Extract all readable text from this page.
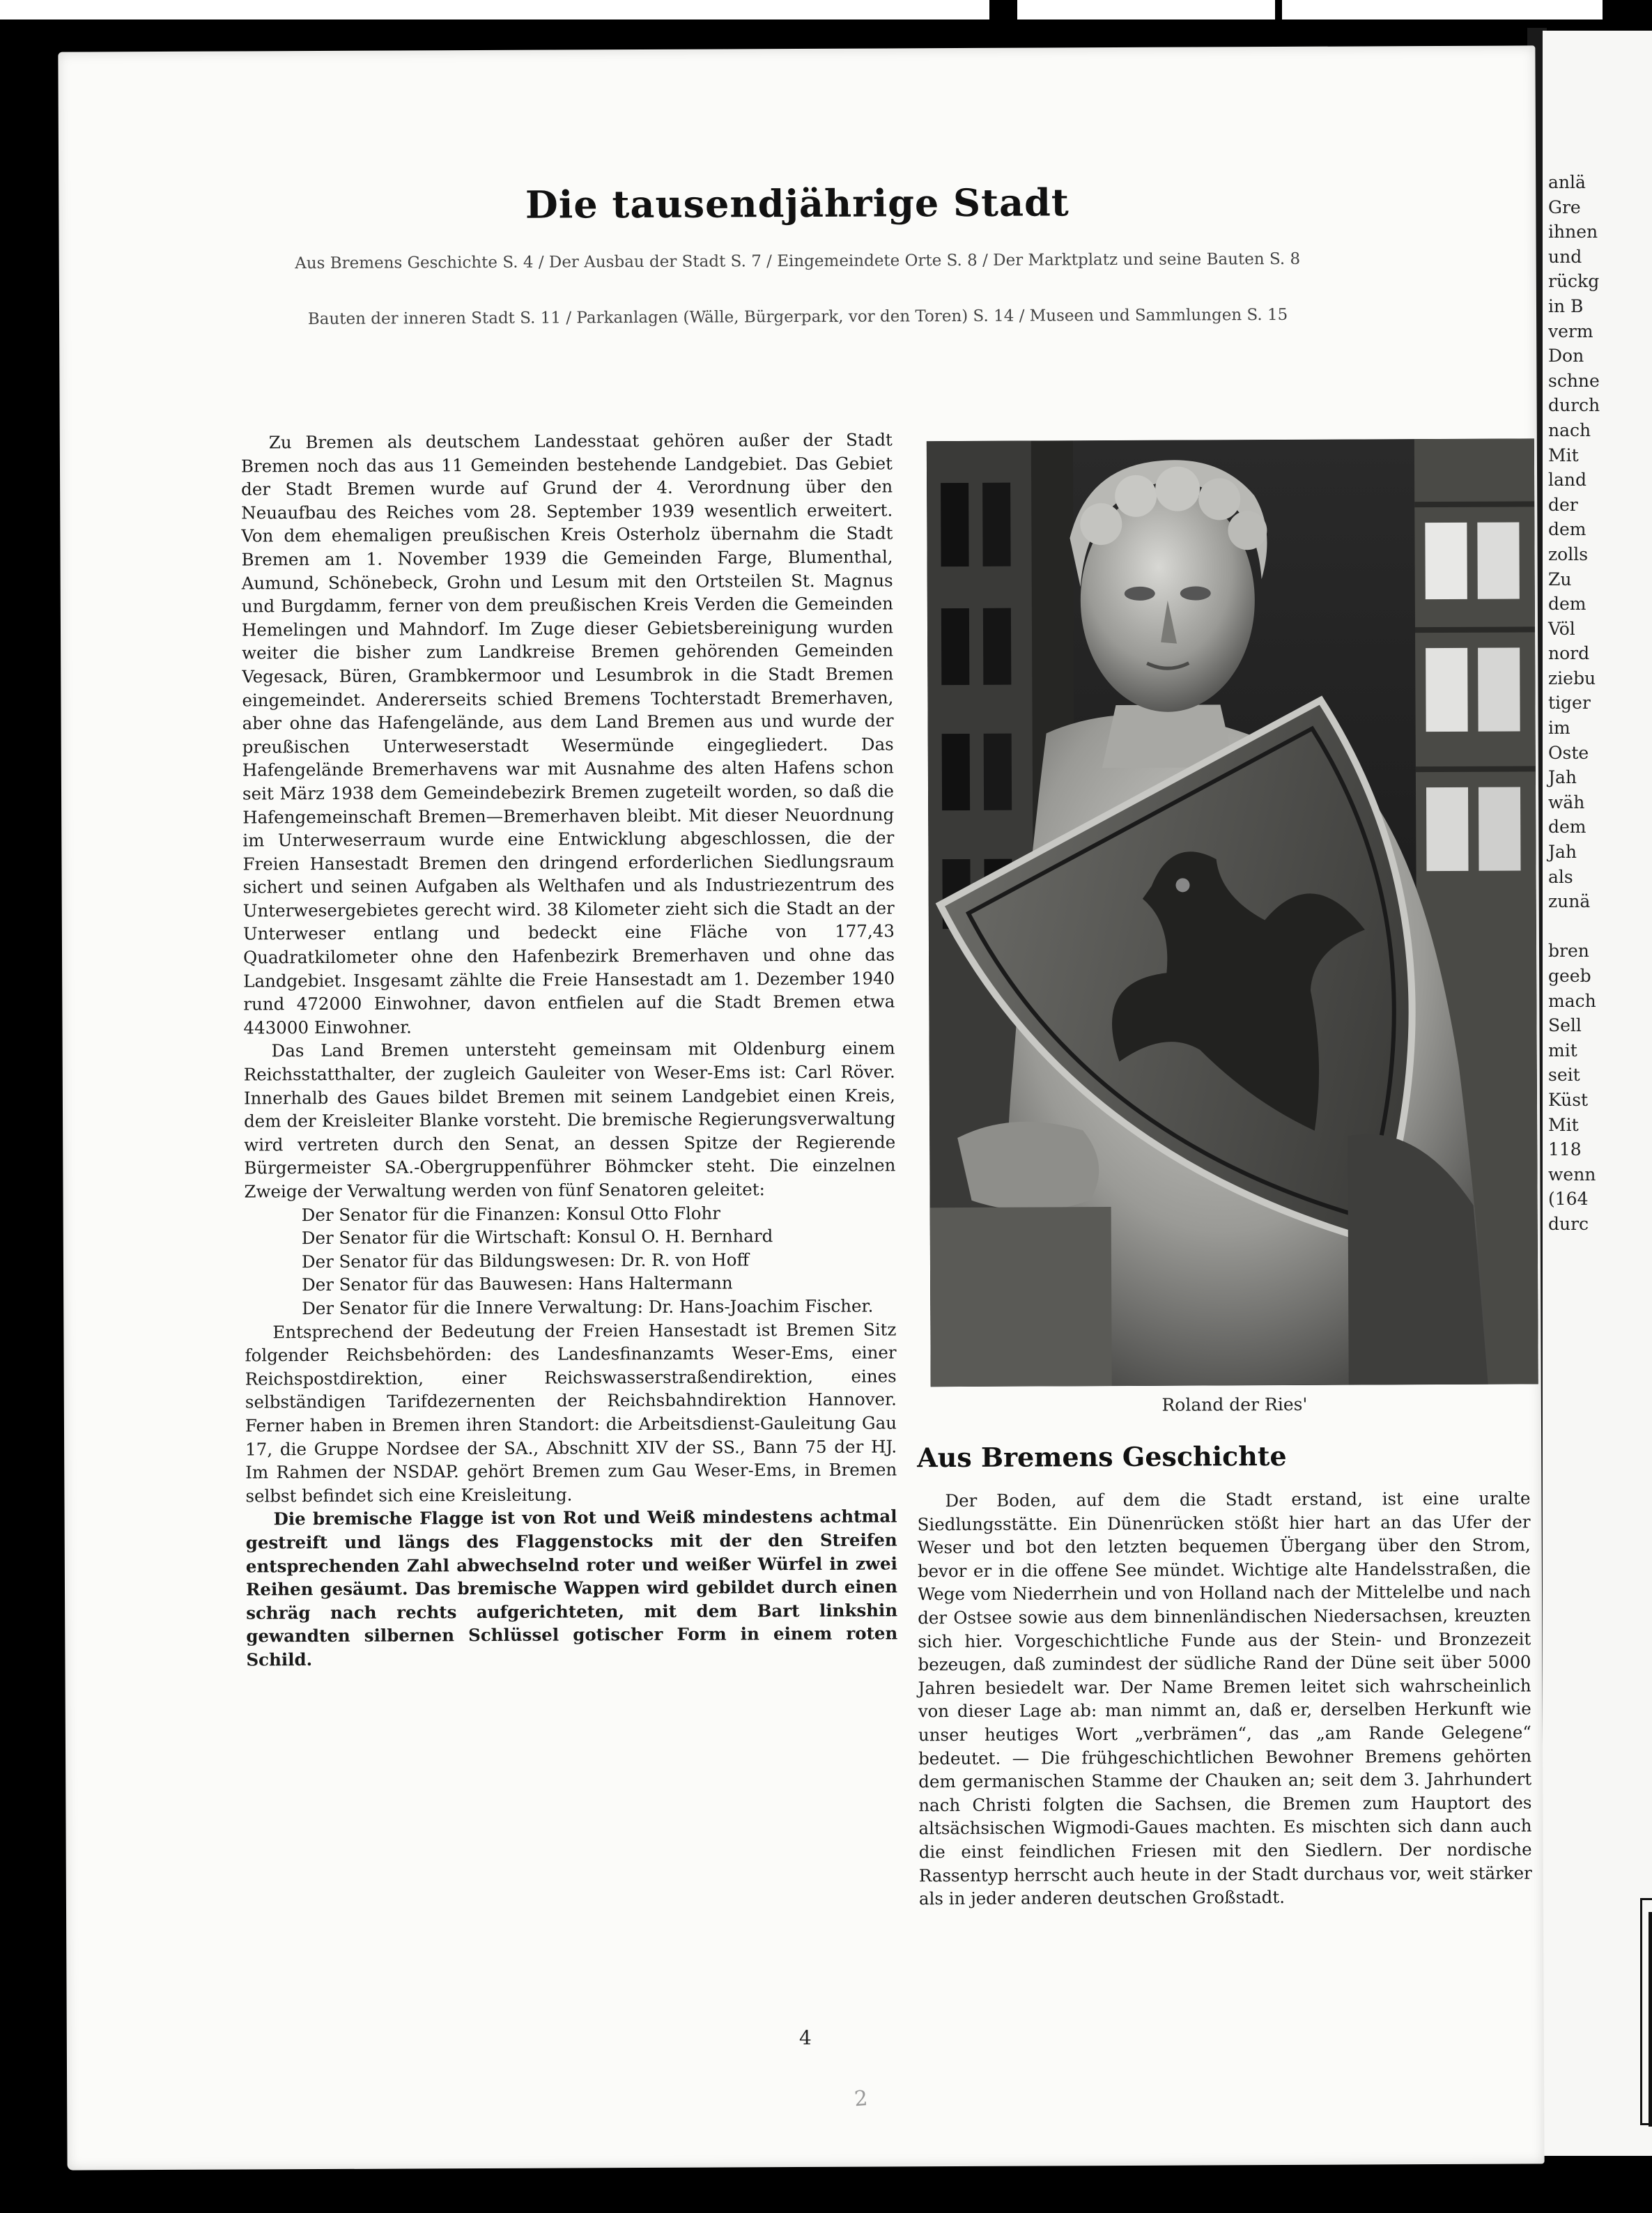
anlä
Gre
ihnen
und
rückg
in B
verm
Don
schne
durch
nach
Mit
land
der
dem
zolls
Zu
dem
Völ
nord
ziebu
tiger
im
Oste
Jah
wäh
dem
Jah
als
zunä
bren
geeb
mach
Sell
mit
seit
Küst
Mit
118
wenn
(164
durc
Die tausendjährige Stadt
Aus Bremens Geschichte S. 4 / Der Ausbau der Stadt S. 7 / Eingemeindete Orte S. 8 / Der Marktplatz und seine Bauten S. 8
Bauten der inneren Stadt S. 11 / Parkanlagen (Wälle, Bürgerpark, vor den Toren) S. 14 / Museen und Sammlungen S. 15

Zu Bremen als deutschem Landesstaat gehören außer der Stadt Bremen noch das aus 11 Gemeinden bestehende Landgebiet. Das Gebiet der Stadt Bremen wurde auf Grund der 4. Verordnung über den Neuaufbau des Reiches vom 28. September 1939 wesentlich erweitert. Von dem ehemaligen preußischen Kreis Osterholz übernahm die Stadt Bremen am 1. November 1939 die Gemeinden Farge, Blumenthal, Aumund, Schönebeck, Grohn und Lesum mit den Ortsteilen St. Magnus und Burgdamm, ferner von dem preußischen Kreis Verden die Gemeinden Hemelingen und Mahndorf. Im Zuge dieser Gebietsbereinigung wurden weiter die bisher zum Landkreise Bremen gehörenden Gemeinden Vegesack, Büren, Grambkermoor und Lesumbrok in die Stadt Bremen eingemeindet. Andererseits schied Bremens Tochterstadt Bremerhaven, aber ohne das Hafengelände, aus dem Land Bremen aus und wurde der preußischen Unterweserstadt Wesermünde eingegliedert. Das Hafengelände Bremerhavens war mit Ausnahme des alten Hafens schon seit März 1938 dem Gemeindebezirk Bremen zugeteilt worden, so daß die Hafengemeinschaft Bremen—Bremerhaven bleibt. Mit dieser Neuordnung im Unterweserraum wurde eine Entwicklung abgeschlossen, die der Freien Hansestadt Bremen den dringend erforderlichen Siedlungsraum sichert und seinen Aufgaben als Welthafen und als Industriezentrum des Unterwesergebietes gerecht wird. 38 Kilometer zieht sich die Stadt an der Unterweser entlang und bedeckt eine Fläche von 177,43 Quadratkilometer ohne den Hafenbezirk Bremerhaven und ohne das Landgebiet. Insgesamt zählte die Freie Hansestadt am 1. Dezember 1940 rund 472000 Einwohner, davon entfielen auf die Stadt Bremen etwa 443000 Einwohner.

Das Land Bremen untersteht gemeinsam mit Oldenburg einem Reichsstatthalter, der zugleich Gauleiter von Weser-Ems ist: Carl Röver. Innerhalb des Gaues bildet Bremen mit seinem Landgebiet einen Kreis, dem der Kreisleiter Blanke vorsteht. Die bremische Regierungsverwaltung wird vertreten durch den Senat, an dessen Spitze der Regierende Bürgermeister SA.-Obergruppenführer Böhmcker steht. Die einzelnen Zweige der Verwaltung werden von fünf Senatoren geleitet:

Der Senator für die Finanzen: Konsul Otto Flohr
Der Senator für die Wirtschaft: Konsul O. H. Bernhard
Der Senator für das Bildungswesen: Dr. R. von Hoff
Der Senator für das Bauwesen: Hans Haltermann
Der Senator für die Innere Verwaltung: Dr. Hans-Joachim Fischer.

Entsprechend der Bedeutung der Freien Hansestadt ist Bremen Sitz folgender Reichsbehörden: des Landesfinanzamts Weser-Ems, einer Reichspostdirektion, einer Reichswasserstraßendirektion, eines selbständigen Tarifdezernenten der Reichsbahndirektion Hannover. Ferner haben in Bremen ihren Standort: die Arbeitsdienst-Gauleitung Gau 17, die Gruppe Nordsee der SA., Abschnitt XIV der SS., Bann 75 der HJ. Im Rahmen der NSDAP. gehört Bremen zum Gau Weser-Ems, in Bremen selbst befindet sich eine Kreisleitung.

Die bremische Flagge ist von Rot und Weiß mindestens achtmal gestreift und längs des Flaggenstocks mit der den Streifen entsprechenden Zahl abwechselnd roter und weißer Würfel in zwei Reihen gesäumt. Das bremische Wappen wird gebildet durch einen schräg nach rechts aufgerichteten, mit dem Bart linkshin gewandten silbernen Schlüssel gotischer Form in einem roten Schild.

Roland der Ries'
Aus Bremens Geschichte

Der Boden, auf dem die Stadt erstand, ist eine uralte Siedlungsstätte. Ein Dünenrücken stößt hier hart an das Ufer der Weser und bot den letzten bequemen Übergang über den Strom, bevor er in die offene See mündet. Wichtige alte Handelsstraßen, die Wege vom Niederrhein und von Holland nach der Mittelelbe und nach der Ostsee sowie aus dem binnenländischen Niedersachsen, kreuzten sich hier. Vorgeschichtliche Funde aus der Stein- und Bronzezeit bezeugen, daß zumindest der südliche Rand der Düne seit über 5000 Jahren besiedelt war. Der Name Bremen leitet sich wahrscheinlich von dieser Lage ab: man nimmt an, daß er, derselben Herkunft wie unser heutiges Wort „verbrämen“, das „am Rande Gelegene“ bedeutet. — Die frühgeschichtlichen Bewohner Bremens gehörten dem germanischen Stamme der Chauken an; seit dem 3. Jahrhundert nach Christi folgten die Sachsen, die Bremen zum Hauptort des altsächsischen Wigmodi-Gaues machten. Es mischten sich dann auch die einst feindlichen Friesen mit den Siedlern. Der nordische Rassentyp herrscht auch heute in der Stadt durchaus vor, weit stärker als in jeder anderen deutschen Großstadt.

4
2
